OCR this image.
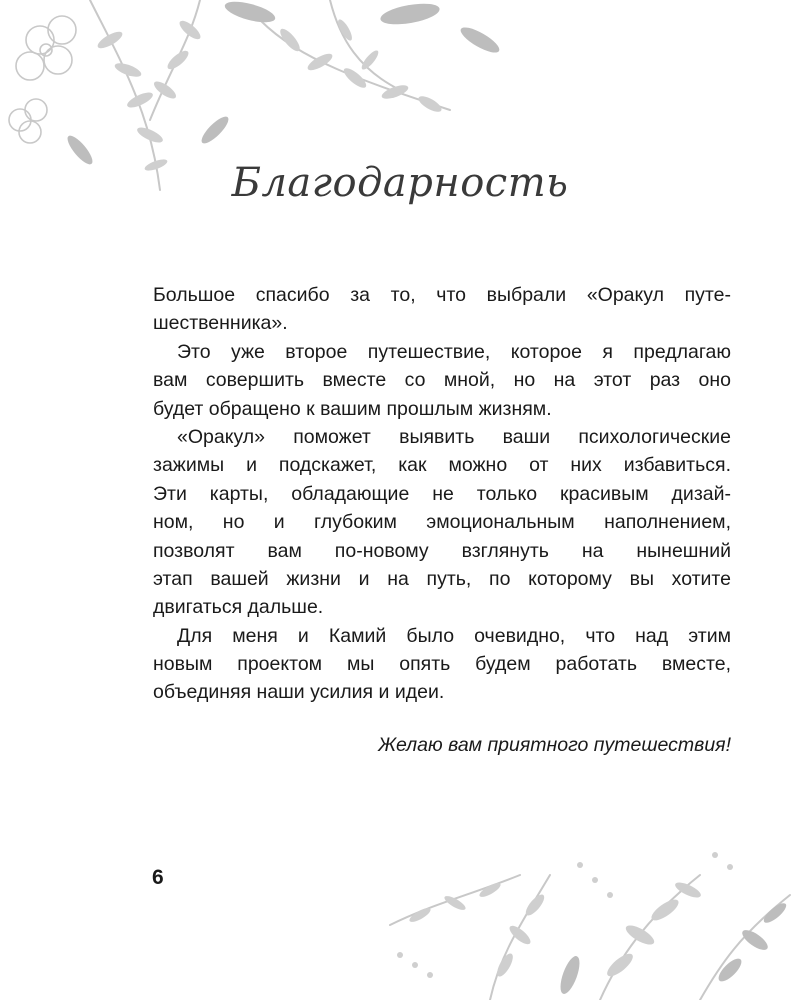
Благодарность
Большое спасибо за то, что выбрали «Оракул путе-
шественника».
Это уже второе путешествие, которое я предлагаю
вам совершить вместе со мной, но на этот раз оно
будет обращено к вашим прошлым жизням.
«Оракул» поможет выявить ваши психологические
зажимы и подскажет, как можно от них избавиться.
Эти карты, обладающие не только красивым дизай-
ном, но и глубоким эмоциональным наполнением,
позволят вам по-новому взглянуть на нынешний
этап вашей жизни и на путь, по которому вы хотите
двигаться дальше.
Для меня и Камий было очевидно, что над этим
новым проектом мы опять будем работать вместе,
объединяя наши усилия и идеи.
Желаю вам приятного путешествия!
6
